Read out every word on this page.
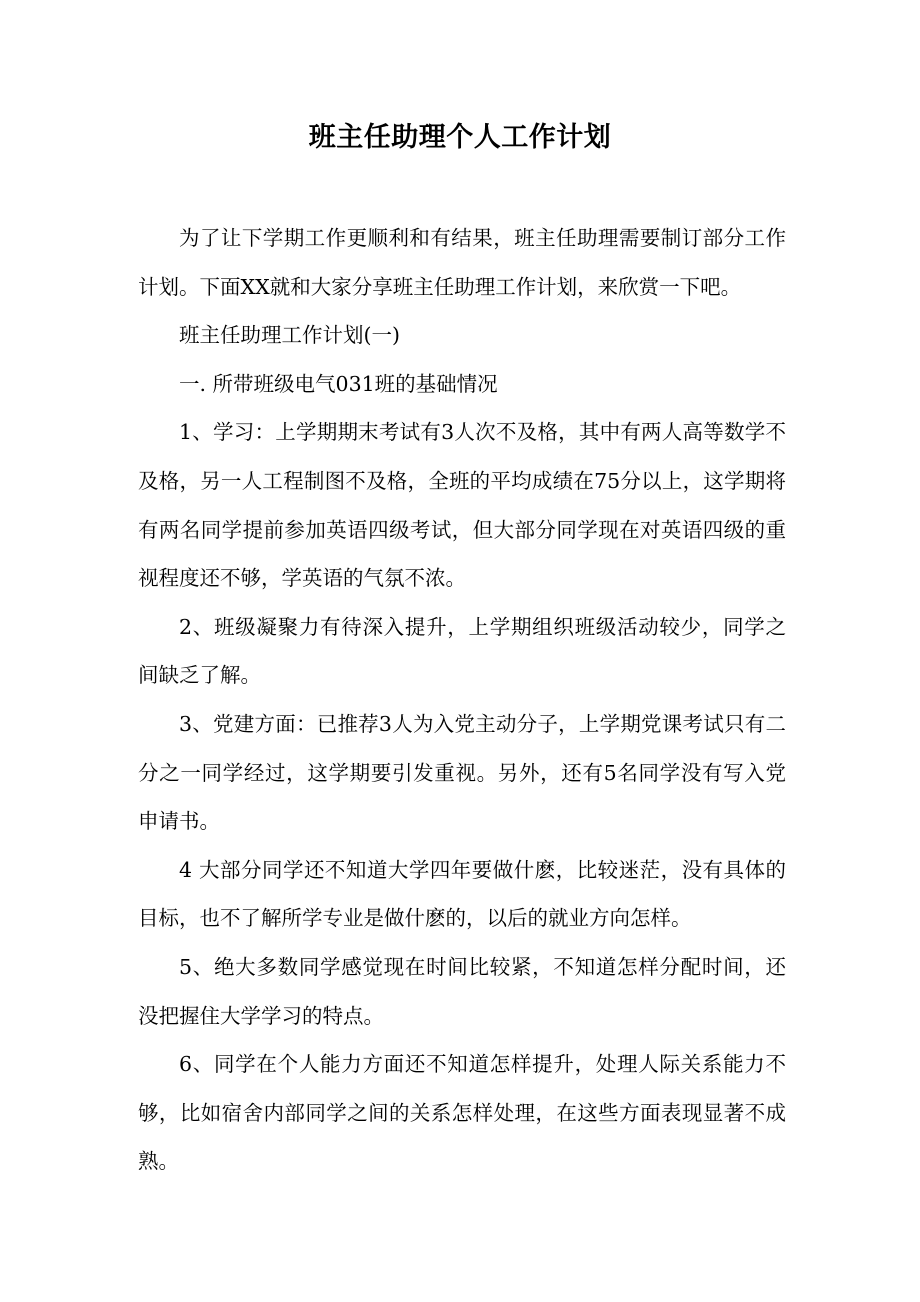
班主任助理个人工作计划

为了让下学期工作更顺利和有结果，班主任助理需要制订部分工作计划。下面XX就和大家分享班主任助理工作计划，来欣赏一下吧。

班主任助理工作计划(一)

一. 所带班级电气031班的基础情况

1、学习：上学期期末考试有3人次不及格，其中有两人高等数学不及格，另一人工程制图不及格，全班的平均成绩在75分以上，这学期将有两名同学提前参加英语四级考试，但大部分同学现在对英语四级的重视程度还不够，学英语的气氛不浓。

2、班级凝聚力有待深入提升，上学期组织班级活动较少，同学之间缺乏了解。

3、党建方面：已推荐3人为入党主动分子，上学期党课考试只有二分之一同学经过，这学期要引发重视。另外，还有5名同学没有写入党申请书。

4 大部分同学还不知道大学四年要做什麽，比较迷茫，没有具体的目标，也不了解所学专业是做什麽的，以后的就业方向怎样。

5、绝大多数同学感觉现在时间比较紧，不知道怎样分配时间，还没把握住大学学习的特点。

6、同学在个人能力方面还不知道怎样提升，处理人际关系能力不够，比如宿舍内部同学之间的关系怎样处理，在这些方面表现显著不成熟。
